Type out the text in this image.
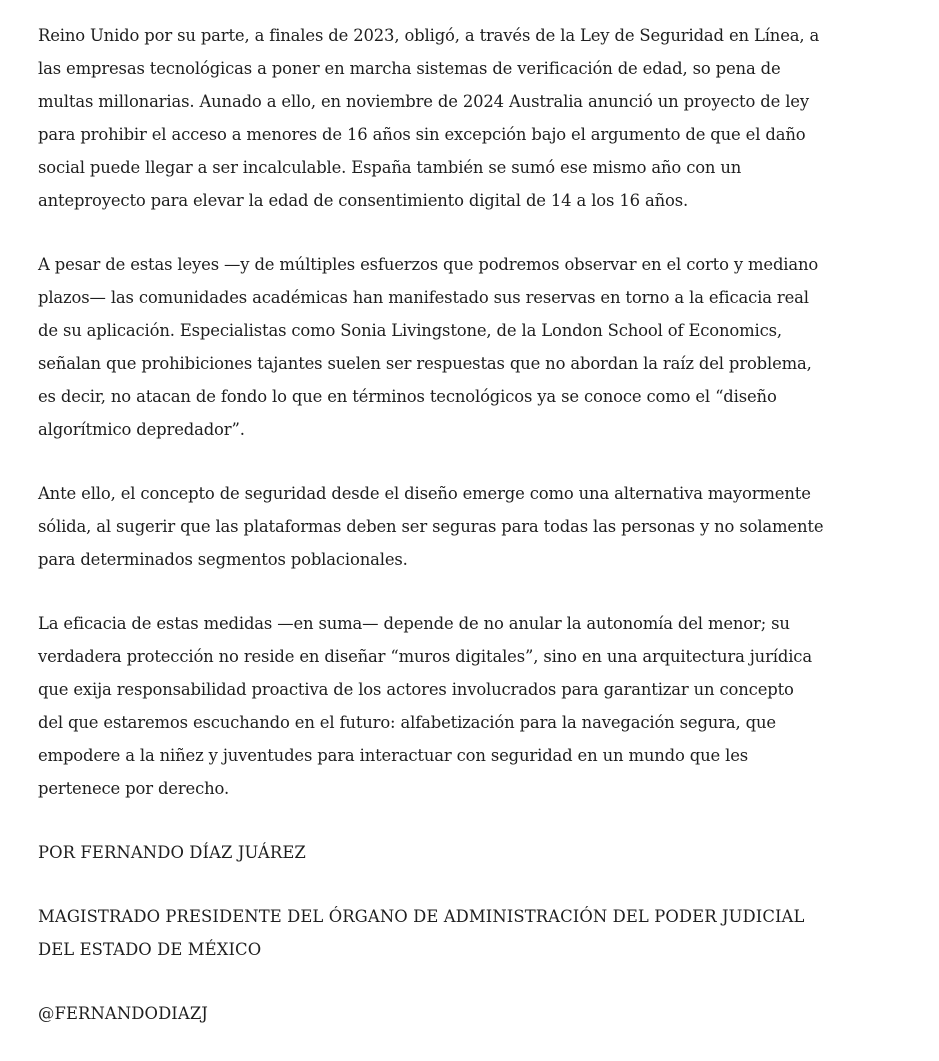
Reino Unido por su parte, a finales de 2023, obligó, a través de la Ley de Seguridad en Línea, a
las empresas tecnológicas a poner en marcha sistemas de verificación de edad, so pena de
multas millonarias. Aunado a ello, en noviembre de 2024 Australia anunció un proyecto de ley
para prohibir el acceso a menores de 16 años sin excepción bajo el argumento de que el daño
social puede llegar a ser incalculable. España también se sumó ese mismo año con un
anteproyecto para elevar la edad de consentimiento digital de 14 a los 16 años.
A pesar de estas leyes —y de múltiples esfuerzos que podremos observar en el corto y mediano
plazos— las comunidades académicas han manifestado sus reservas en torno a la eficacia real
de su aplicación. Especialistas como Sonia Livingstone, de la London School of Economics,
señalan que prohibiciones tajantes suelen ser respuestas que no abordan la raíz del problema,
es decir, no atacan de fondo lo que en términos tecnológicos ya se conoce como el “diseño
algorítmico depredador”.
Ante ello, el concepto de seguridad desde el diseño emerge como una alternativa mayormente
sólida, al sugerir que las plataformas deben ser seguras para todas las personas y no solamente
para determinados segmentos poblacionales.
La eficacia de estas medidas —en suma— depende de no anular la autonomía del menor; su
verdadera protección no reside en diseñar “muros digitales”, sino en una arquitectura jurídica
que exija responsabilidad proactiva de los actores involucrados para garantizar un concepto
del que estaremos escuchando en el futuro: alfabetización para la navegación segura, que
empodere a la niñez y juventudes para interactuar con seguridad en un mundo que les
pertenece por derecho.
POR FERNANDO DÍAZ JUÁREZ
MAGISTRADO PRESIDENTE DEL ÓRGANO DE ADMINISTRACIÓN DEL PODER JUDICIAL
DEL ESTADO DE MÉXICO
@FERNANDODIAZJ
